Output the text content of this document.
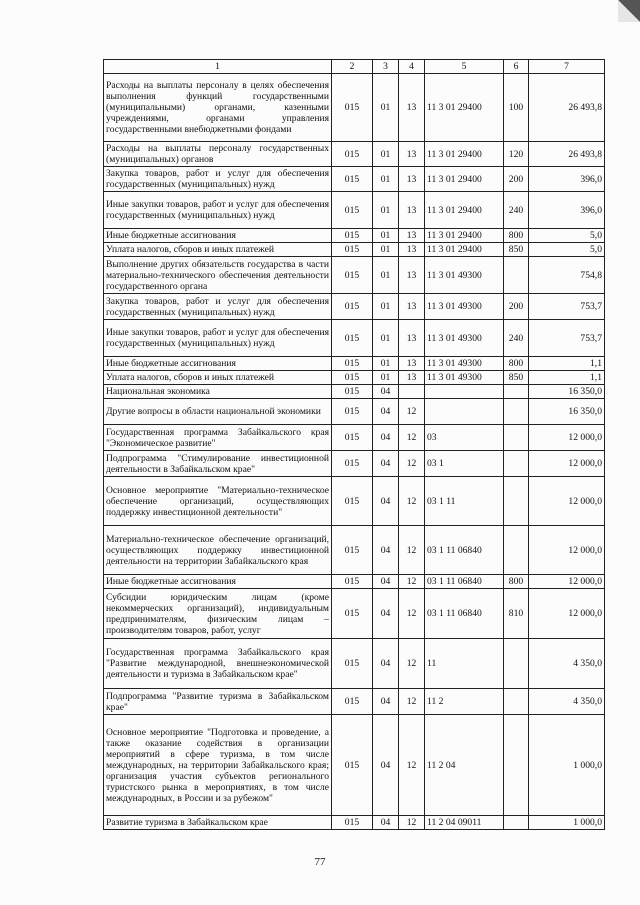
1	2	3	4	5	6	7
Расходы на выплаты персоналу в целях обеспечения выполнения функций государственными (муниципальными) органами, казенными учреждениями, органами управления государственными внебюджетными фондами	015	01	13	11 3 01 29400	100	26 493,8
Расходы на выплаты персоналу государственных (муниципальных) органов	015	01	13	11 3 01 29400	120	26 493,8
Закупка товаров, работ и услуг для обеспечения государственных (муниципальных) нужд	015	01	13	11 3 01 29400	200	396,0
Иные закупки товаров, работ и услуг для обеспечения государственных (муниципальных) нужд	015	01	13	11 3 01 29400	240	396,0
Иные бюджетные ассигнования	015	01	13	11 3 01 29400	800	5,0
Уплата налогов, сборов и иных платежей	015	01	13	11 3 01 29400	850	5,0
Выполнение других обязательств государства в части материально-технического обеспечения деятельности государственного органа	015	01	13	11 3 01 49300		754,8
Закупка товаров, работ и услуг для обеспечения государственных (муниципальных) нужд	015	01	13	11 3 01 49300	200	753,7
Иные закупки товаров, работ и услуг для обеспечения государственных (муниципальных) нужд	015	01	13	11 3 01 49300	240	753,7
Иные бюджетные ассигнования	015	01	13	11 3 01 49300	800	1,1
Уплата налогов, сборов и иных платежей	015	01	13	11 3 01 49300	850	1,1
Национальная экономика	015	04				16 350,0
Другие вопросы в области национальной экономики	015	04	12			16 350,0
Государственная программа Забайкальского края "Экономическое развитие"	015	04	12	03		12 000,0
Подпрограмма "Стимулирование инвестиционной деятельности в Забайкальском крае"	015	04	12	03 1		12 000,0
Основное мероприятие "Материально-техническое обеспечение организаций, осуществляющих поддержку инвестиционной деятельности"	015	04	12	03 1 11		12 000,0
Материально-техническое обеспечение организаций, осуществляющих поддержку инвестиционной деятельности на территории Забайкальского края	015	04	12	03 1 11 06840		12 000,0
Иные бюджетные ассигнования	015	04	12	03 1 11 06840	800	12 000,0
Субсидии юридическим лицам (кроме некоммерческих организаций), индивидуальным предпринимателям, физическим лицам – производителям товаров, работ, услуг	015	04	12	03 1 11 06840	810	12 000,0
Государственная программа Забайкальского края "Развитие международной, внешнеэкономической деятельности и туризма в Забайкальском крае"	015	04	12	11		4 350,0
Подпрограмма "Развитие туризма в Забайкальском крае"	015	04	12	11 2		4 350,0
Основное мероприятие "Подготовка и проведение, а также оказание содействия в организации мероприятий в сфере туризма, в том числе международных, на территории Забайкальского края; организация участия субъектов регионального туристского рынка в мероприятиях, в том числе международных, в России и за рубежом"	015	04	12	11 2 04		1 000,0
Развитие туризма в Забайкальском крае	015	04	12	11 2 04 09011		1 000,0
77
